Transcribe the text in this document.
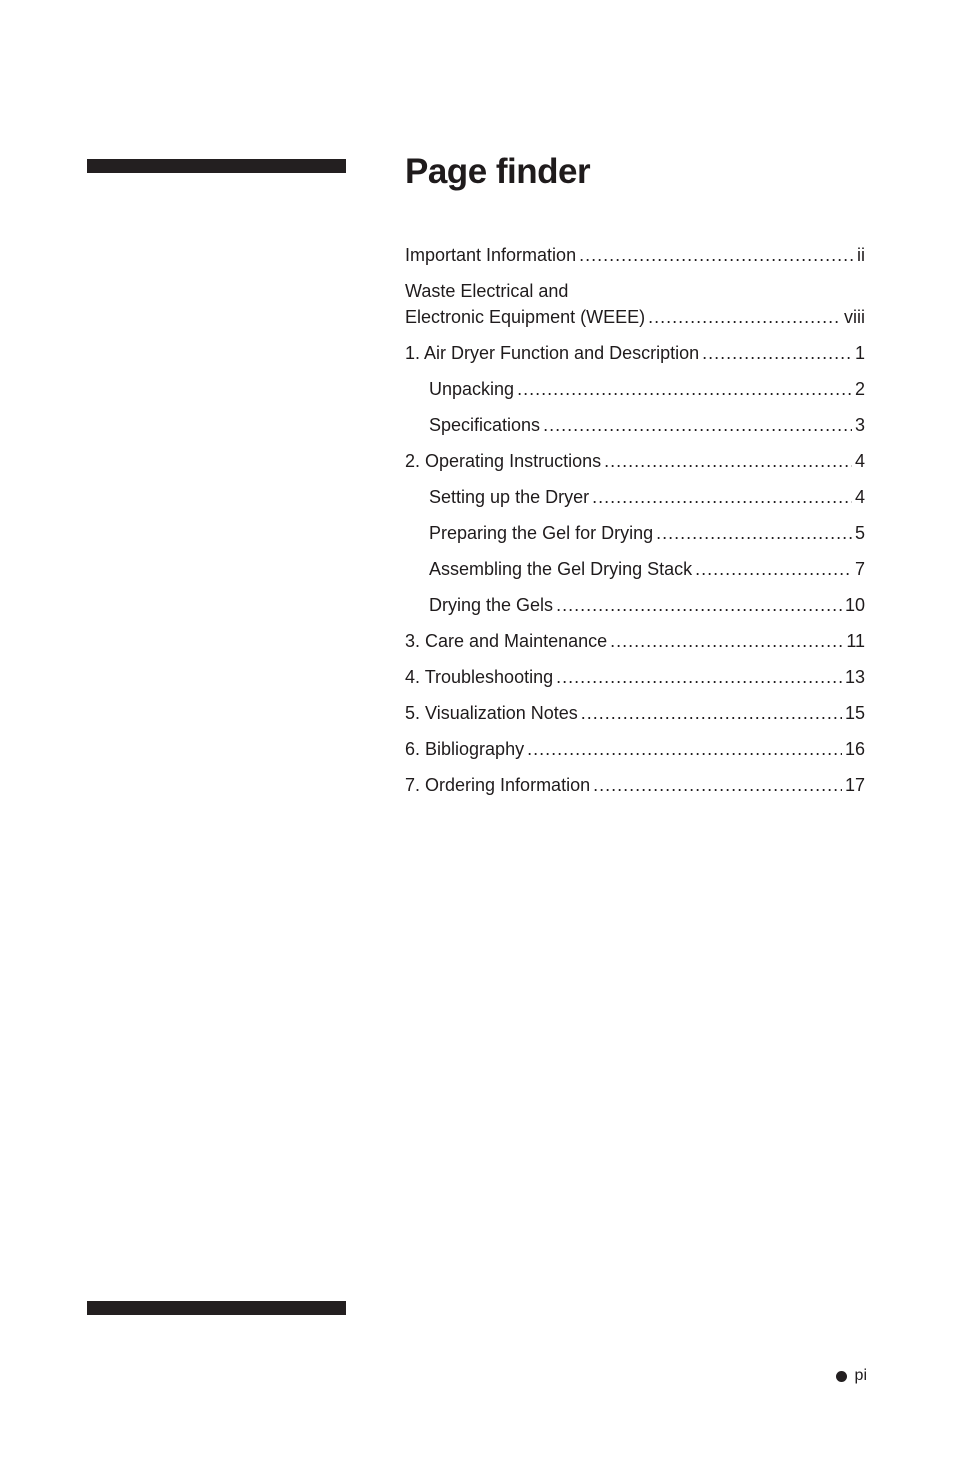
Page finder
Important Information .....	ii
Waste Electrical and
Electronic Equipment (WEEE) .....	viii
1. Air Dryer Function and Description .....	1
Unpacking .....	2
Specifications .....	3
2. Operating Instructions .....	4
Setting up the Dryer .....	4
Preparing the Gel for Drying .....	5
Assembling the Gel Drying Stack .....	7
Drying the Gels .....	10
3. Care and Maintenance .....	11
4. Troubleshooting .....	13
5. Visualization Notes .....	15
6. Bibliography .....	16
7. Ordering Information .....	17
pi
